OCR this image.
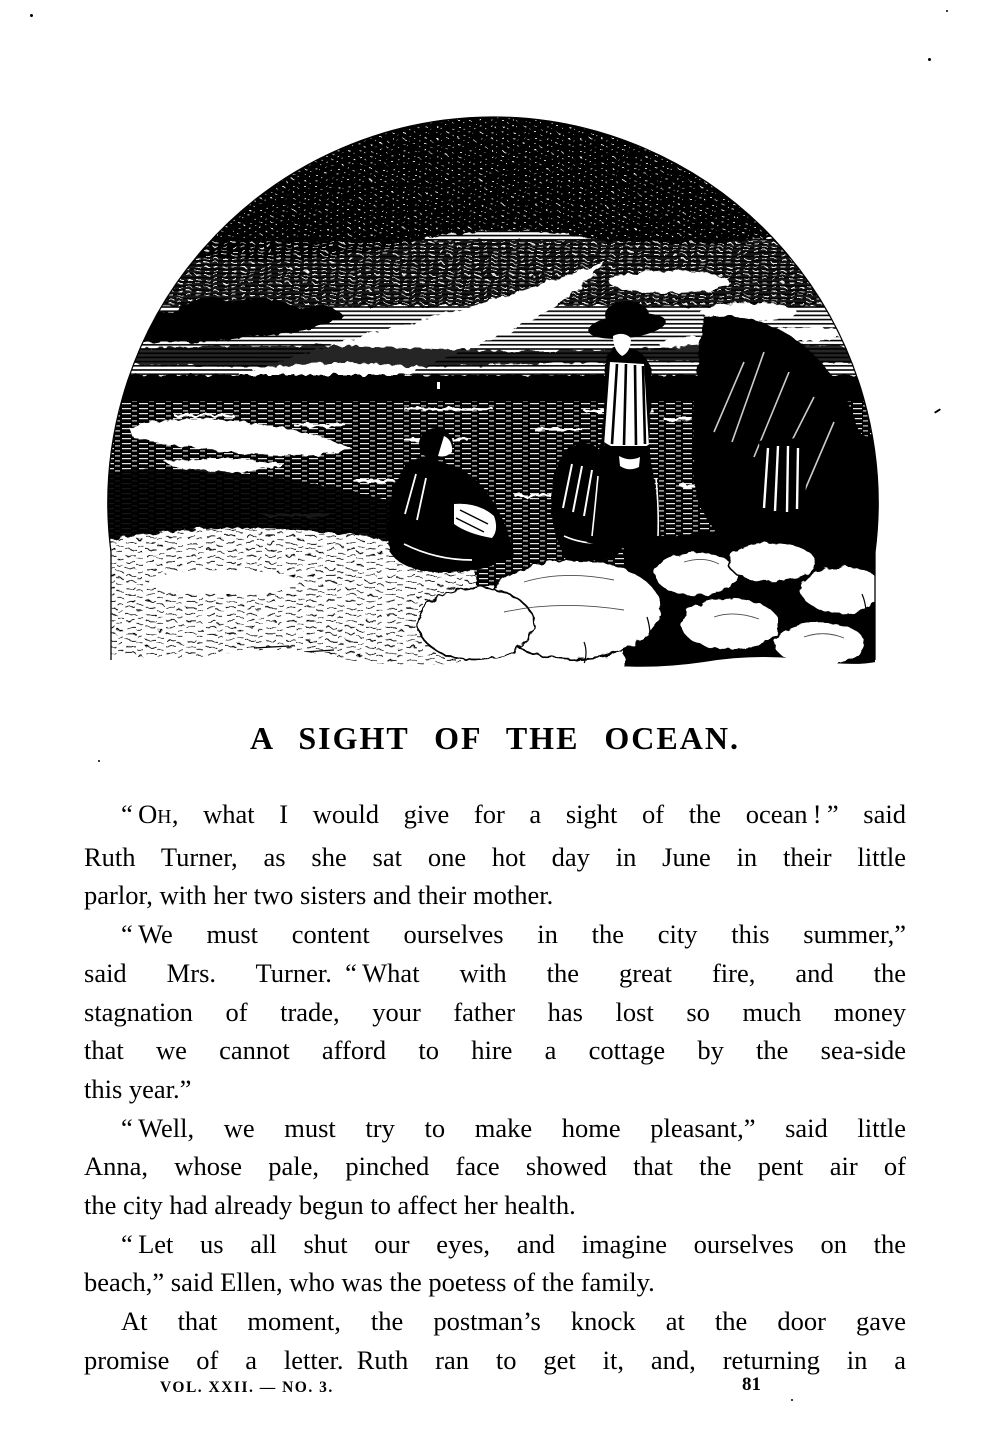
A SIGHT OF THE OCEAN.
“ OH, what I would give for a sight of the ocean ! ” said
Ruth Turner, as she sat one hot day in June in their little
parlor, with her two sisters and their mother.
“ We must content ourselves in the city this summer,”
said Mrs. Turner. “ What with the great fire, and the
stagnation of trade, your father has lost so much money
that we cannot afford to hire a cottage by the sea-side
this year.”
“ Well, we must try to make home pleasant,” said little
Anna, whose pale, pinched face showed that the pent air of
the city had already begun to affect her health.
“ Let us all shut our eyes, and imagine ourselves on the
beach,” said Ellen, who was the poetess of the family.
At that moment, the postman’s knock at the door gave
promise of a letter. Ruth ran to get it, and, returning in a
VOL. XXII. — NO. 3.	81
